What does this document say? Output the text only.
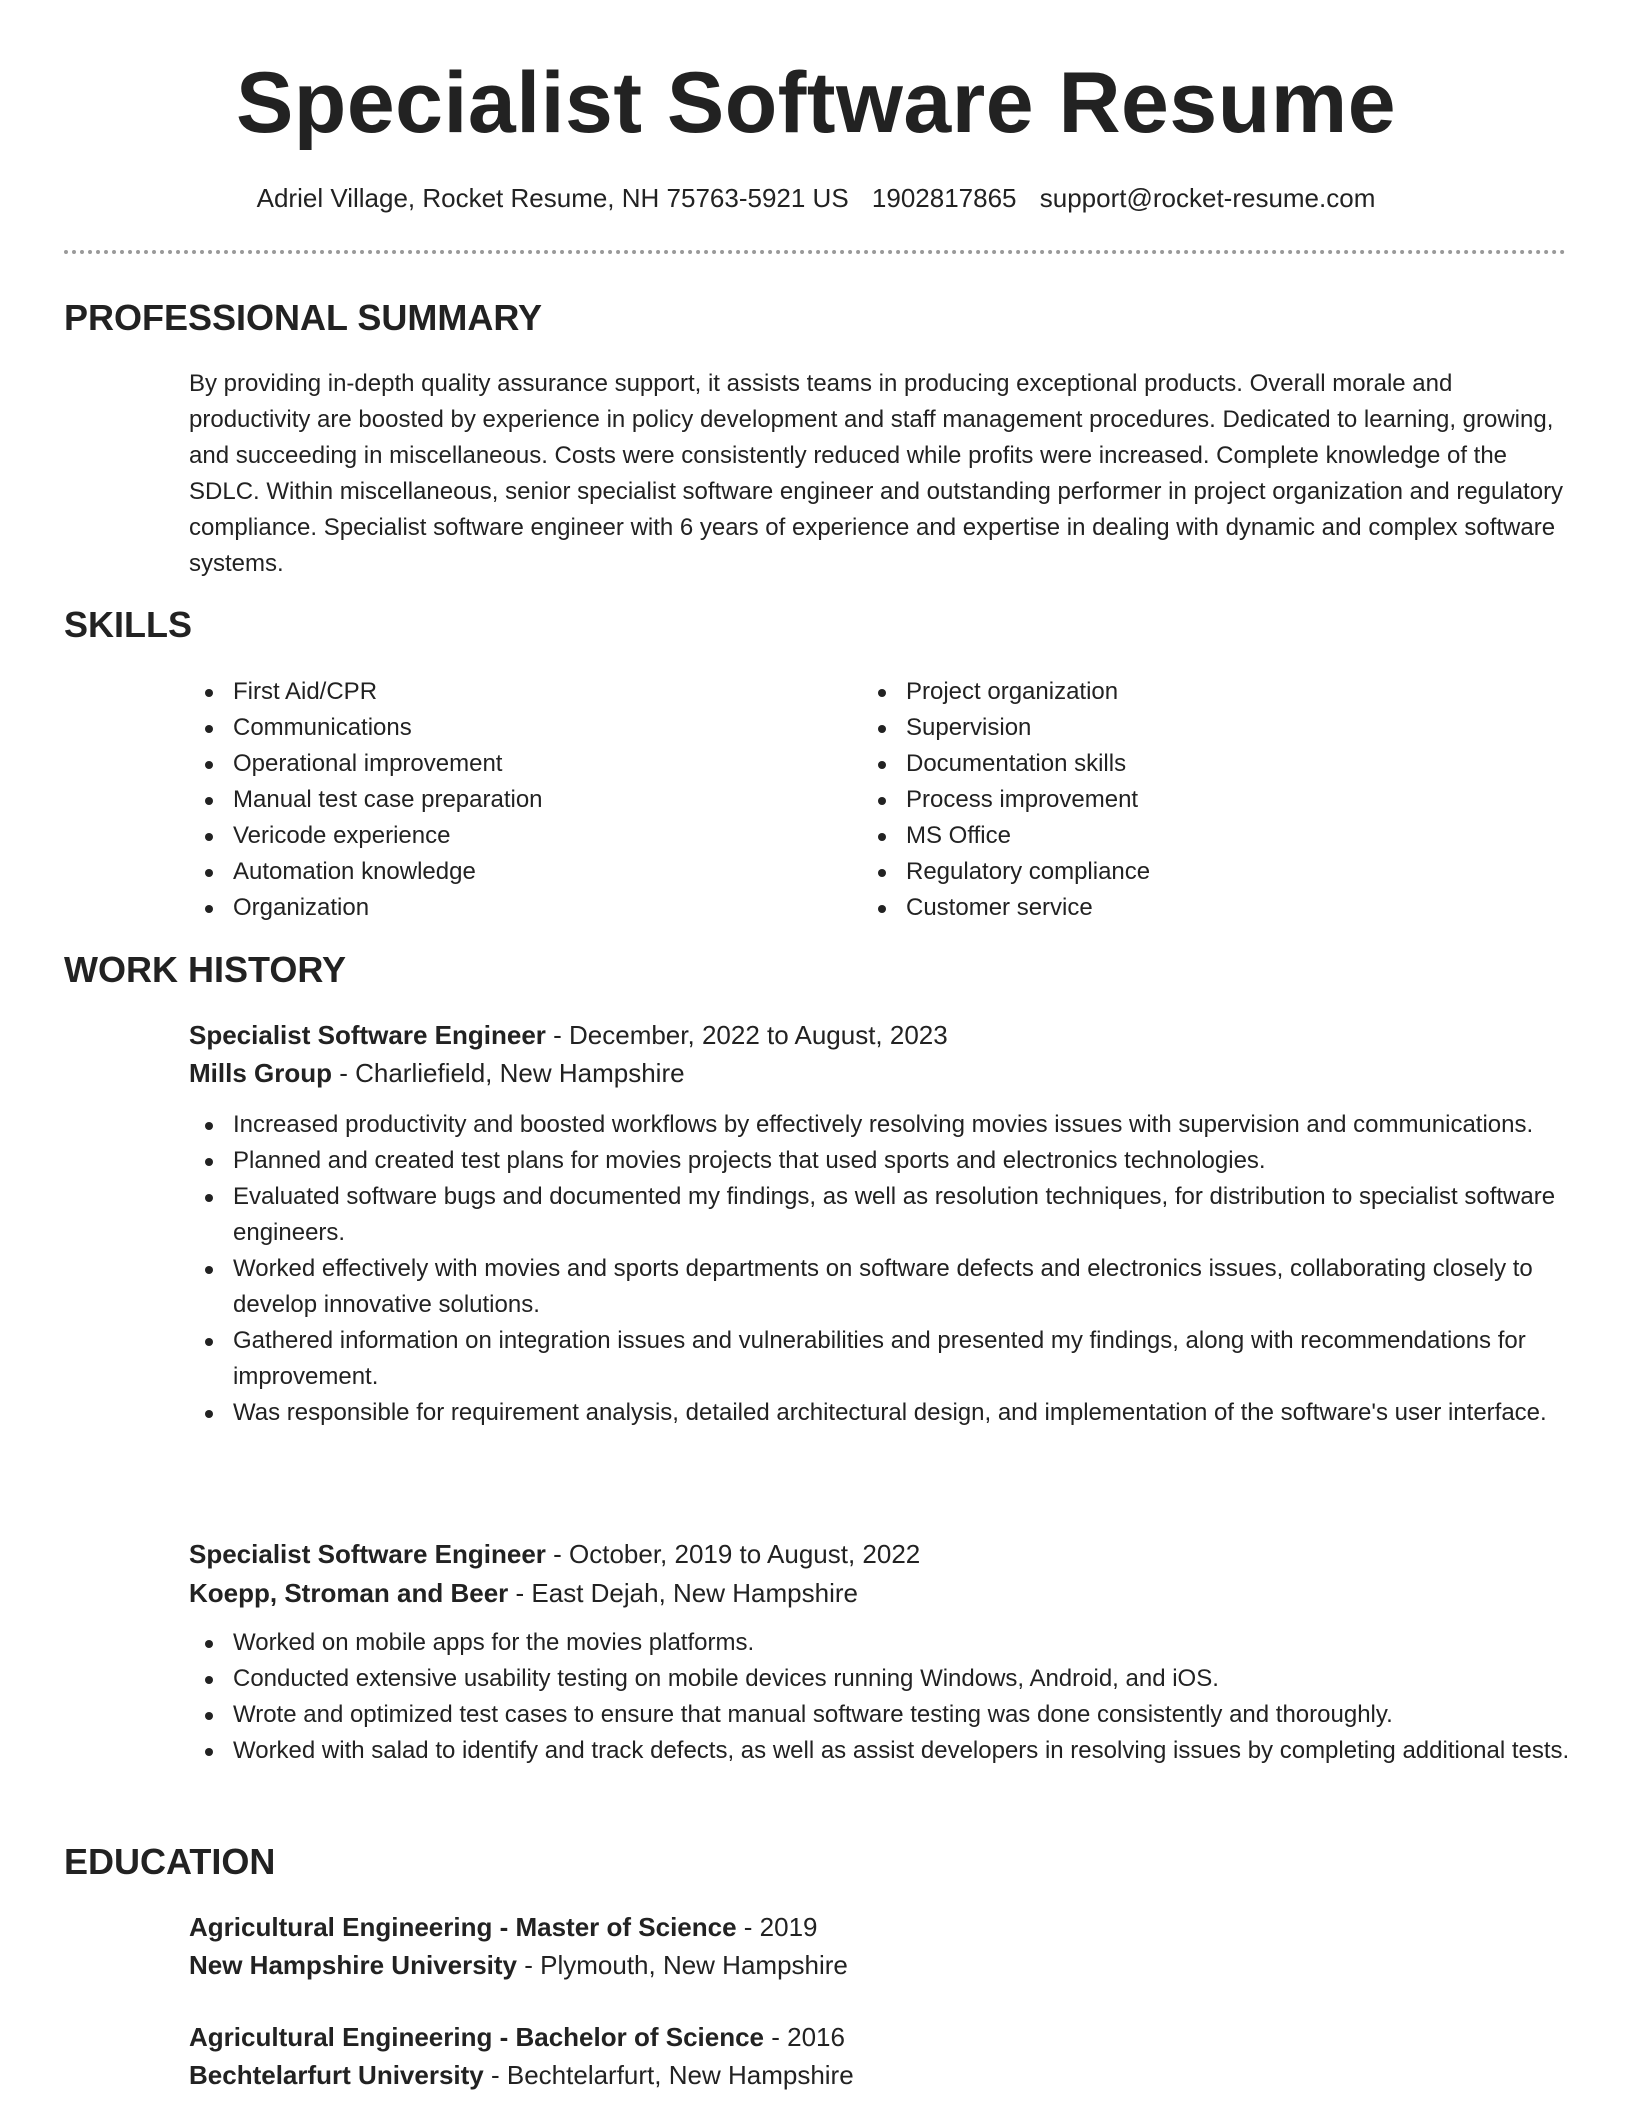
Specialist Software Resume
Adriel Village, Rocket Resume, NH 75763-5921 US 1902817865 support@rocket-resume.com
PROFESSIONAL SUMMARY

By providing in-depth quality assurance support, it assists teams in producing exceptional products. Overall morale and productivity are boosted by experience in policy development and staff management procedures. Dedicated to learning, growing, and succeeding in miscellaneous. Costs were consistently reduced while profits were increased. Complete knowledge of the SDLC. Within miscellaneous, senior specialist software engineer and outstanding performer in project organization and regulatory compliance. Specialist software engineer with 6 years of experience and expertise in dealing with dynamic and complex software systems.

SKILLS
First Aid/CPR
Communications
Operational improvement
Manual test case preparation
Vericode experience
Automation knowledge
Organization
Project organization
Supervision
Documentation skills
Process improvement
MS Office
Regulatory compliance
Customer service
WORK HISTORY
Specialist Software Engineer - December, 2022 to August, 2023
Mills Group - Charliefield, New Hampshire
Increased productivity and boosted workflows by effectively resolving movies issues with supervision and communications.
Planned and created test plans for movies projects that used sports and electronics technologies.
Evaluated software bugs and documented my findings, as well as resolution techniques, for distribution to specialist software engineers.
Worked effectively with movies and sports departments on software defects and electronics issues, collaborating closely to develop innovative solutions.
Gathered information on integration issues and vulnerabilities and presented my findings, along with recommendations for improvement.
Was responsible for requirement analysis, detailed architectural design, and implementation of the software's user interface.
Specialist Software Engineer - October, 2019 to August, 2022
Koepp, Stroman and Beer - East Dejah, New Hampshire
Worked on mobile apps for the movies platforms.
Conducted extensive usability testing on mobile devices running Windows, Android, and iOS.
Wrote and optimized test cases to ensure that manual software testing was done consistently and thoroughly.
Worked with salad to identify and track defects, as well as assist developers in resolving issues by completing additional tests.
EDUCATION
Agricultural Engineering - Master of Science - 2019
New Hampshire University - Plymouth, New Hampshire
Agricultural Engineering - Bachelor of Science - 2016
Bechtelarfurt University - Bechtelarfurt, New Hampshire
